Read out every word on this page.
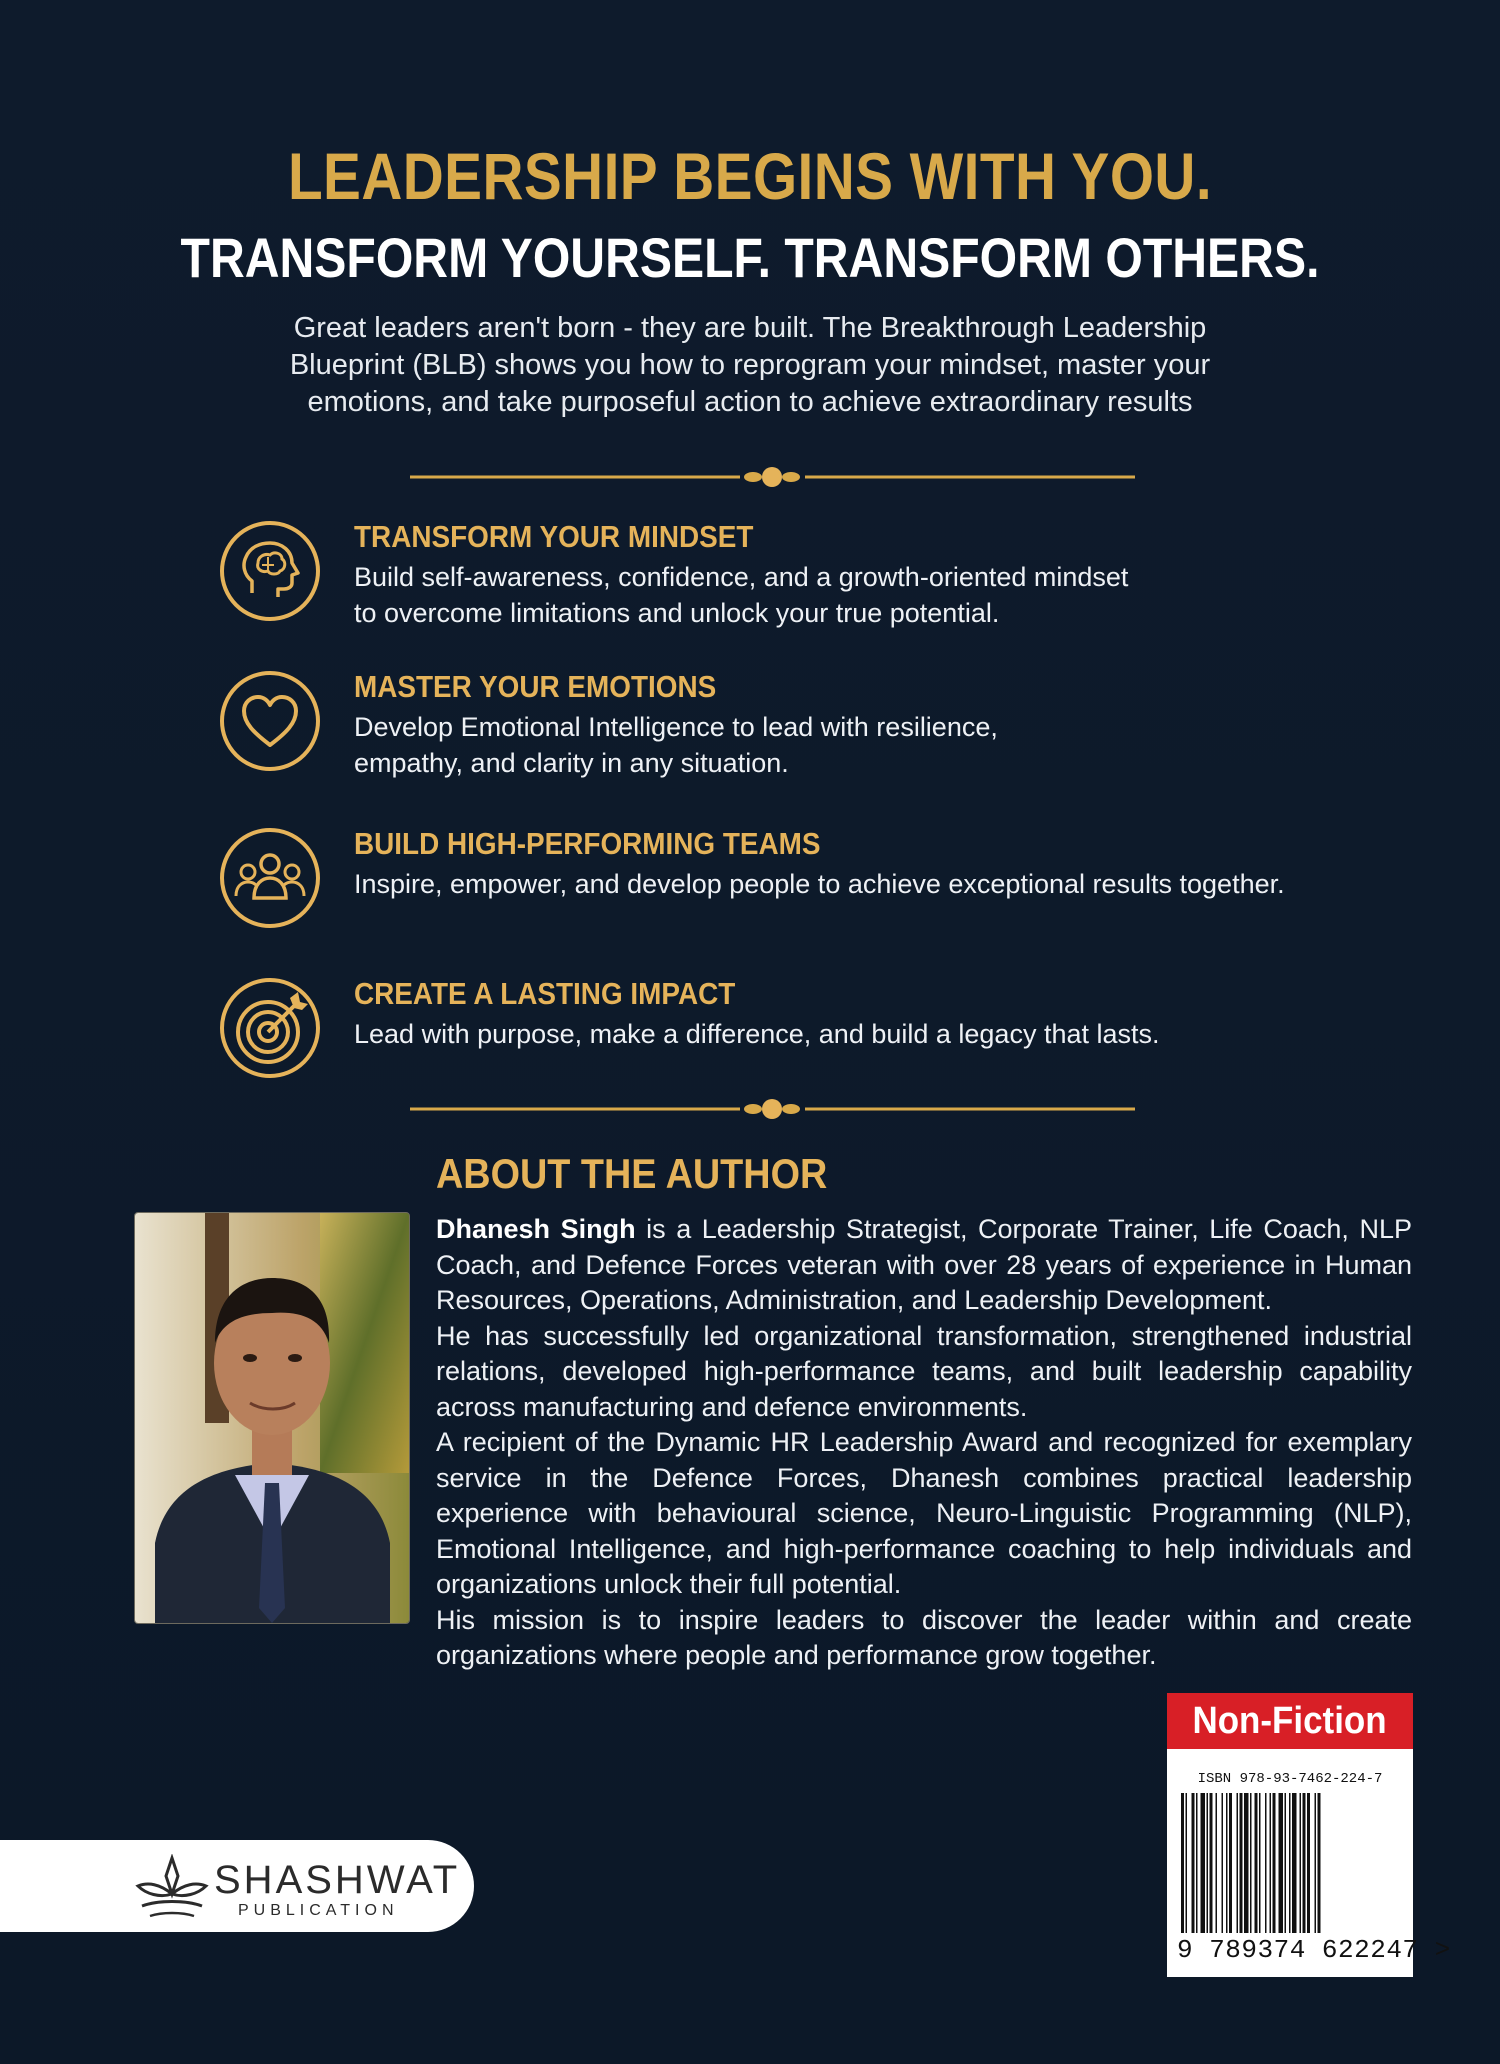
LEADERSHIP BEGINS WITH YOU.
TRANSFORM YOURSELF. TRANSFORM OTHERS.
Great leaders aren't born - they are built. The Breakthrough Leadership Blueprint (BLB) shows you how to reprogram your mindset, master your emotions, and take purposeful action to achieve extraordinary results
TRANSFORM YOUR MINDSET
Build self-awareness, confidence, and a growth-oriented mindset
to overcome limitations and unlock your true potential.
MASTER YOUR EMOTIONS
Develop Emotional Intelligence to lead with resilience,
empathy, and clarity in any situation.
BUILD HIGH-PERFORMING TEAMS
Inspire, empower, and develop people to achieve exceptional results together.
CREATE A LASTING IMPACT
Lead with purpose, make a difference, and build a legacy that lasts.
ABOUT THE AUTHOR

Dhanesh Singh is a Leadership Strategist, Corporate Trainer, Life Coach, NLP Coach, and Defence Forces veteran with over 28 years of experience in Human Resources, Operations, Administration, and Leadership Development.

He has successfully led organizational transformation, strengthened industrial relations, developed high-performance teams, and built leadership capability across manufacturing and defence environments.

A recipient of the Dynamic HR Leadership Award and recognized for exemplary service in the Defence Forces, Dhanesh combines practical leadership experience with behavioural science, Neuro-Linguistic Programming (NLP), Emotional Intelligence, and high-performance coaching to help individuals and organizations unlock their full potential.

His mission is to inspire leaders to discover the leader within and create organizations where people and performance grow together.

Non-Fiction
ISBN 978-93-7462-224-7
9 789374 622247 >
SHASHWAT
PUBLICATION
